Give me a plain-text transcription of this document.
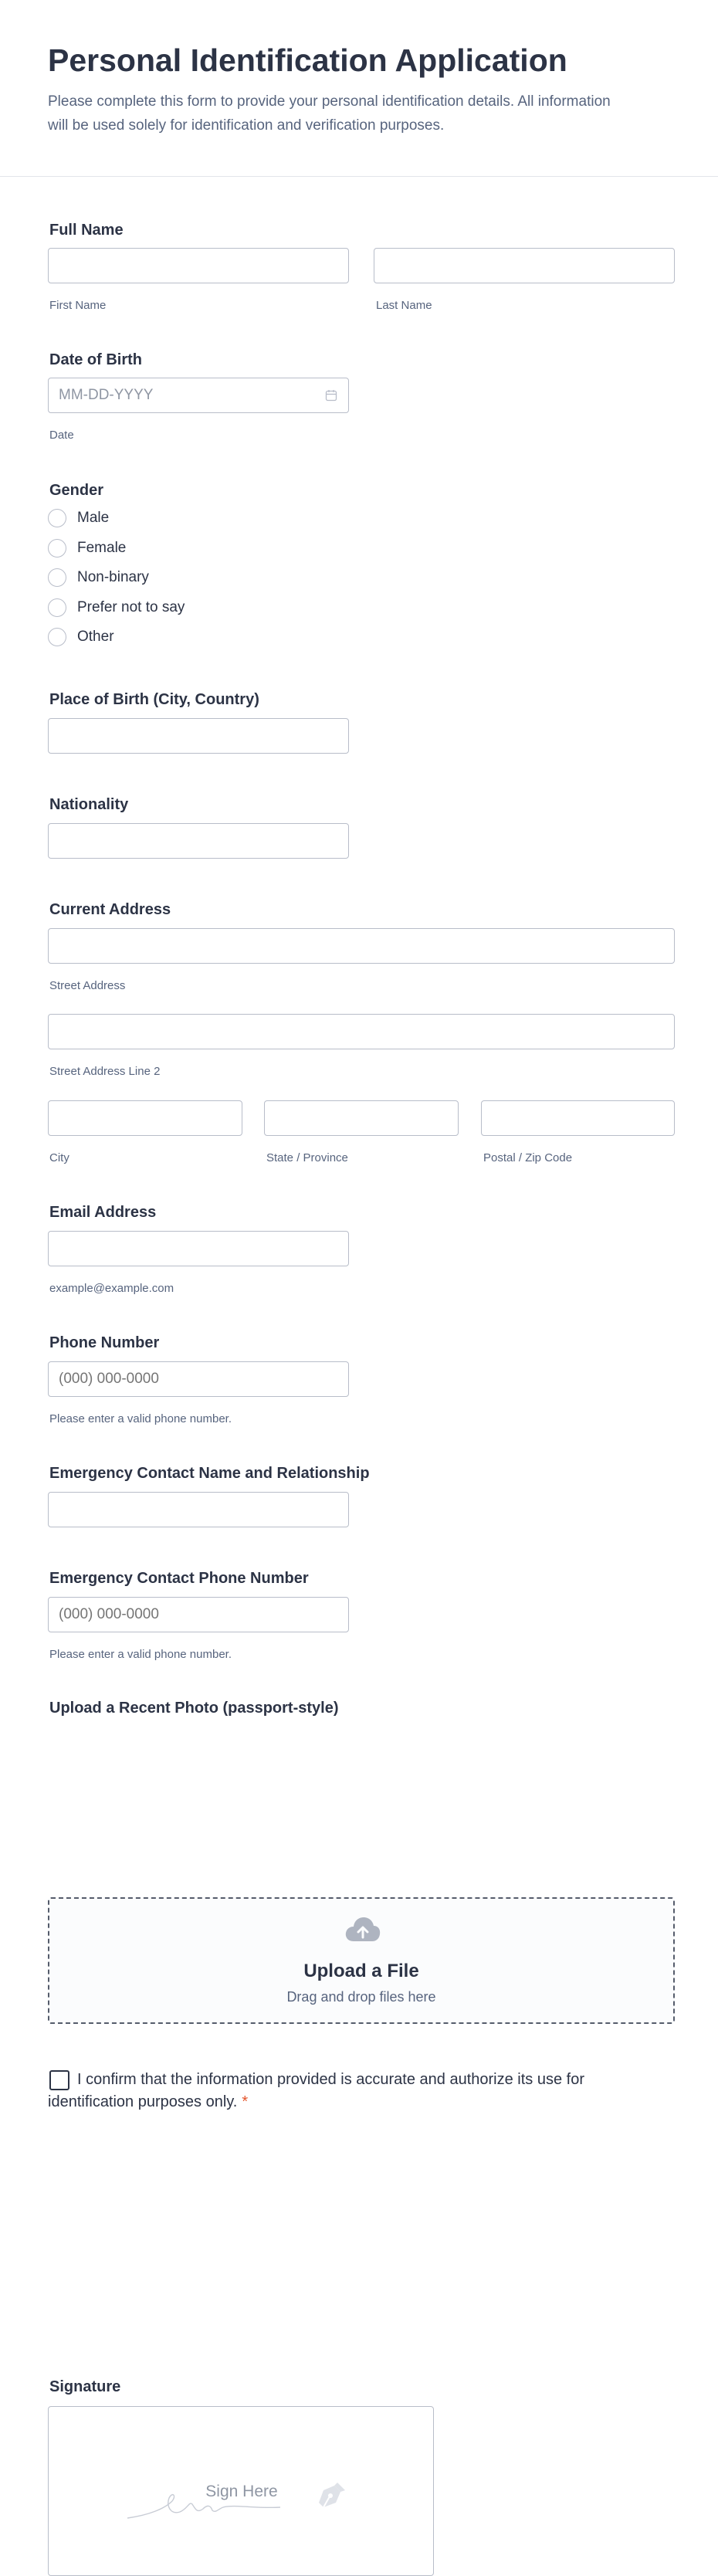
Personal Identification Application

Please complete this form to provide your personal identification details. All information will be used solely for identification and verification purposes.

Full Name
First Name	Last Name
Date of Birth
MM-DD-YYYY
Date
Gender
Male
Female
Non-binary
Prefer not to say
Other
Place of Birth (City, Country)
Nationality
Current Address
Street Address
Street Address Line 2
City	State / Province	Postal / Zip Code
Email Address
example@example.com
Phone Number
(000) 000-0000
Please enter a valid phone number.
Emergency Contact Name and Relationship
Emergency Contact Phone Number
(000) 000-0000
Please enter a valid phone number.
Upload a Recent Photo (passport-style)
Upload a File
Drag and drop files here
I confirm that the information provided is accurate and authorize its use for identification purposes only. *
Signature
Sign Here
